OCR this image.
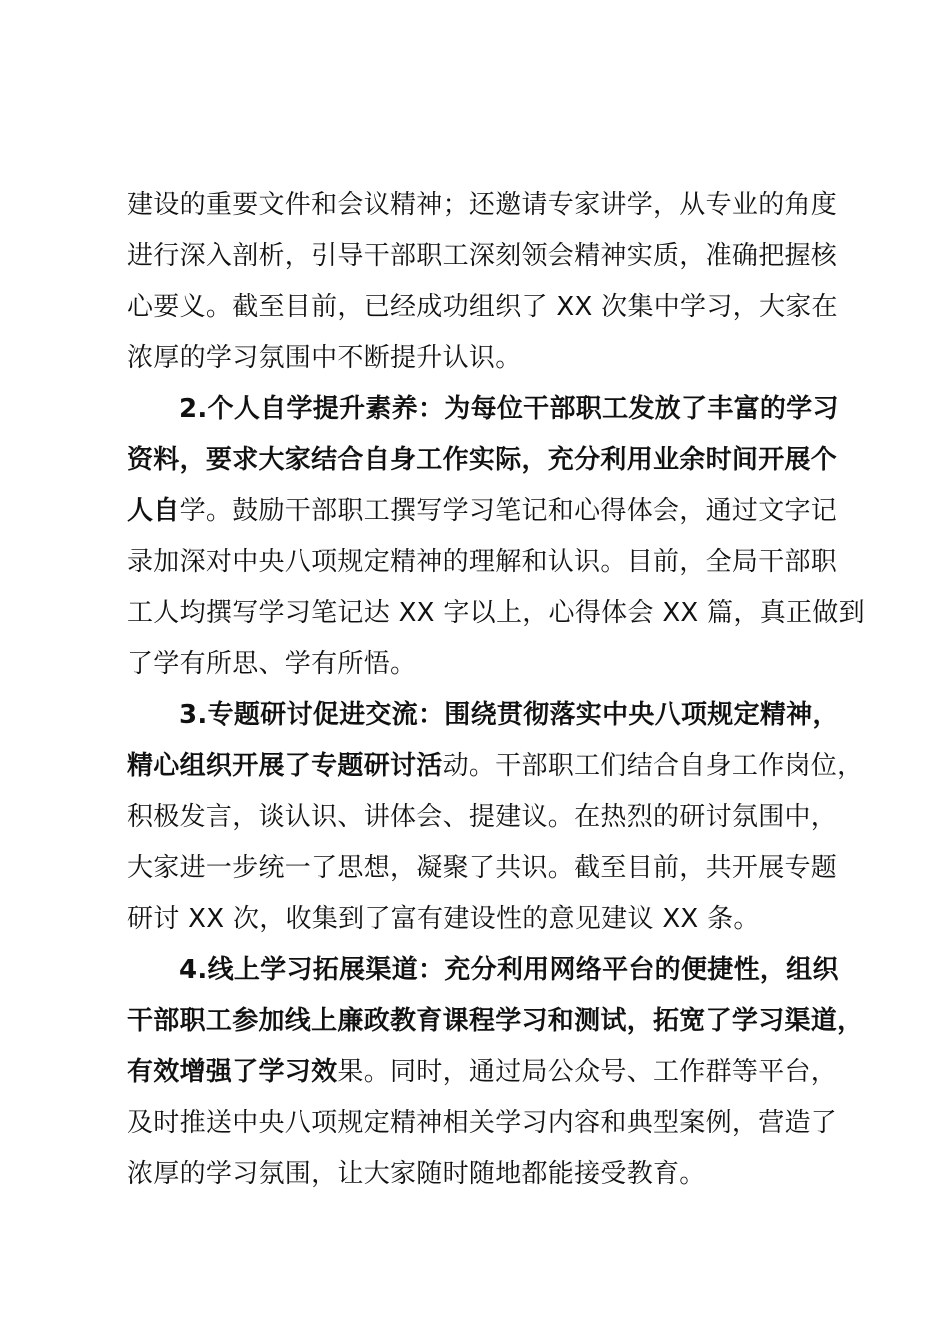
建设的重要文件和会议精神；还邀请专家讲学，从专业的角度
进行深入剖析，引导干部职工深刻领会精神实质，准确把握核
心要义。截至目前，已经成功组织了 XX 次集中学习，大家在
浓厚的学习氛围中不断提升认识。
2.个人自学提升素养：为每位干部职工发放了丰富的学习
资料，要求大家结合自身工作实际，充分利用业余时间开展个
人自学。鼓励干部职工撰写学习笔记和心得体会，通过文字记
录加深对中央八项规定精神的理解和认识。目前，全局干部职
工人均撰写学习笔记达 XX 字以上，心得体会 XX 篇，真正做到
了学有所思、学有所悟。
3.专题研讨促进交流：围绕贯彻落实中央八项规定精神，
精心组织开展了专题研讨活动。干部职工们结合自身工作岗位，
积极发言，谈认识、讲体会、提建议。在热烈的研讨氛围中，
大家进一步统一了思想，凝聚了共识。截至目前，共开展专题
研讨 XX 次，收集到了富有建设性的意见建议 XX 条。
4.线上学习拓展渠道：充分利用网络平台的便捷性，组织
干部职工参加线上廉政教育课程学习和测试，拓宽了学习渠道，
有效增强了学习效果。同时，通过局公众号、工作群等平台，
及时推送中央八项规定精神相关学习内容和典型案例，营造了
浓厚的学习氛围，让大家随时随地都能接受教育。
